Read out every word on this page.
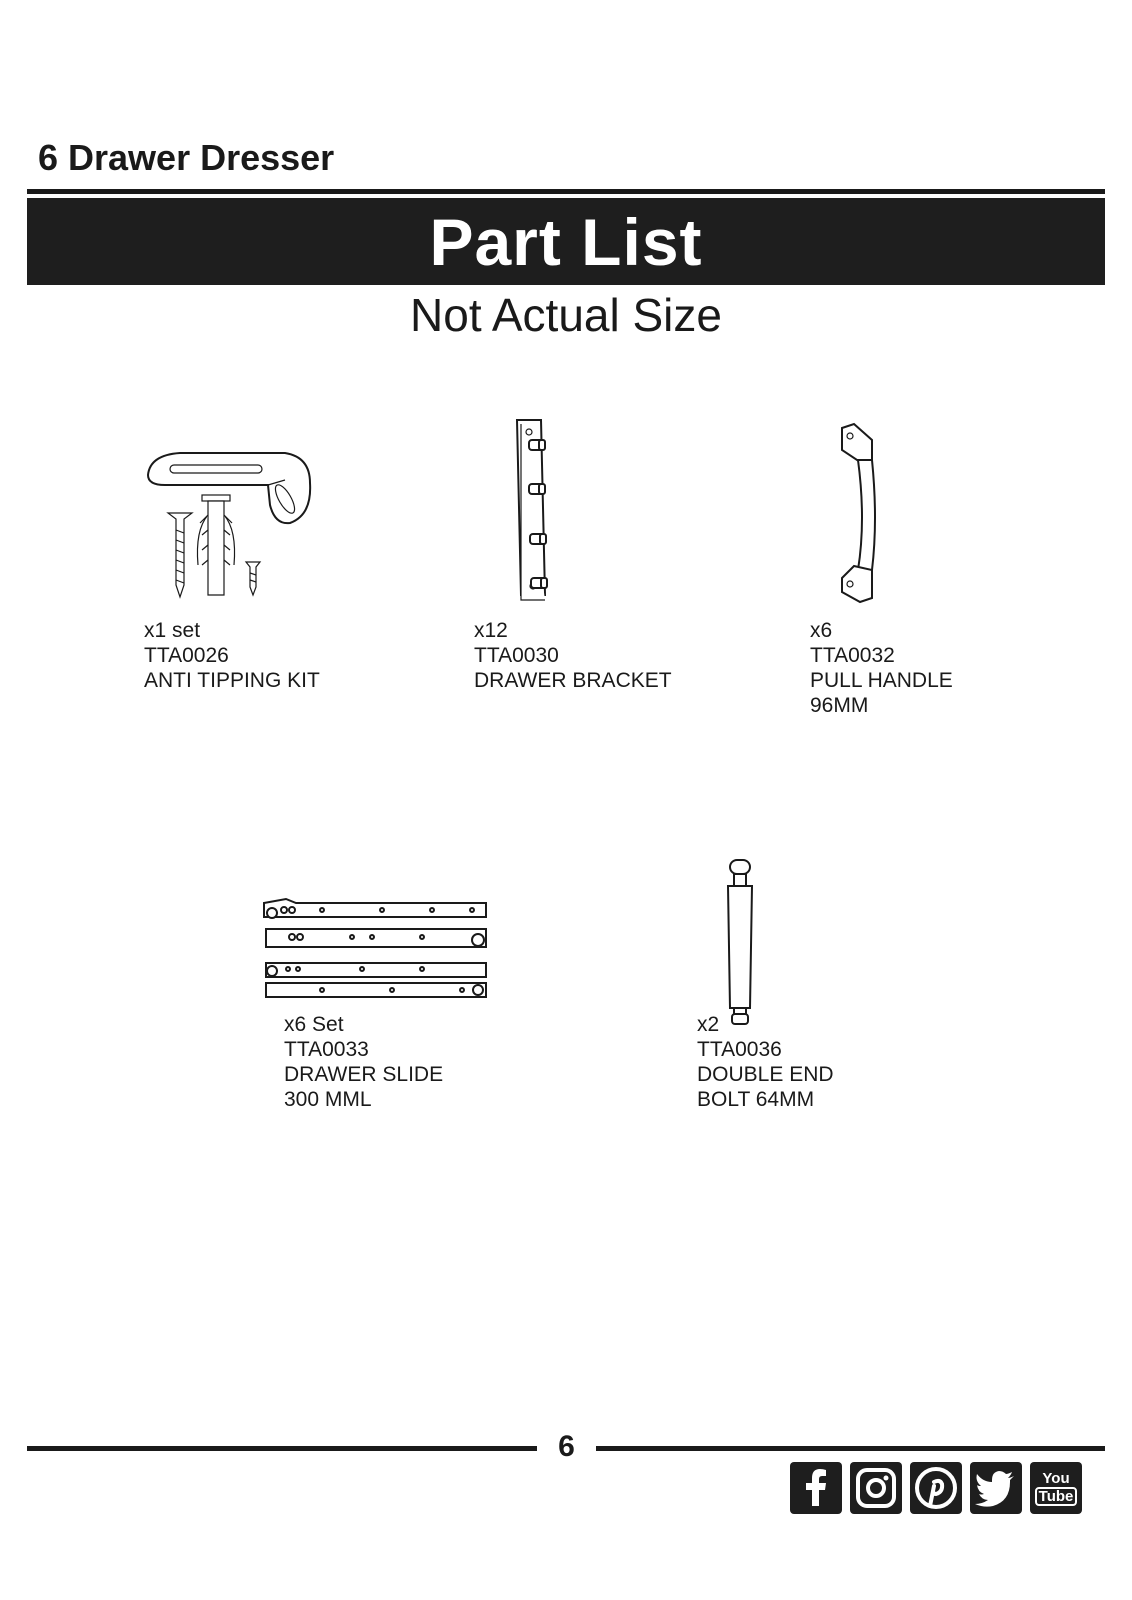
6 Drawer Dresser
Part List
Not Actual Size
x1 set
TTA0026
ANTI TIPPING KIT
x12
TTA0030
DRAWER BRACKET
x6
TTA0032
PULL HANDLE
96MM
x6 Set
TTA0033
DRAWER SLIDE
300 MML
x2
TTA0036
DOUBLE END
BOLT 64MM
6
You
Tube
